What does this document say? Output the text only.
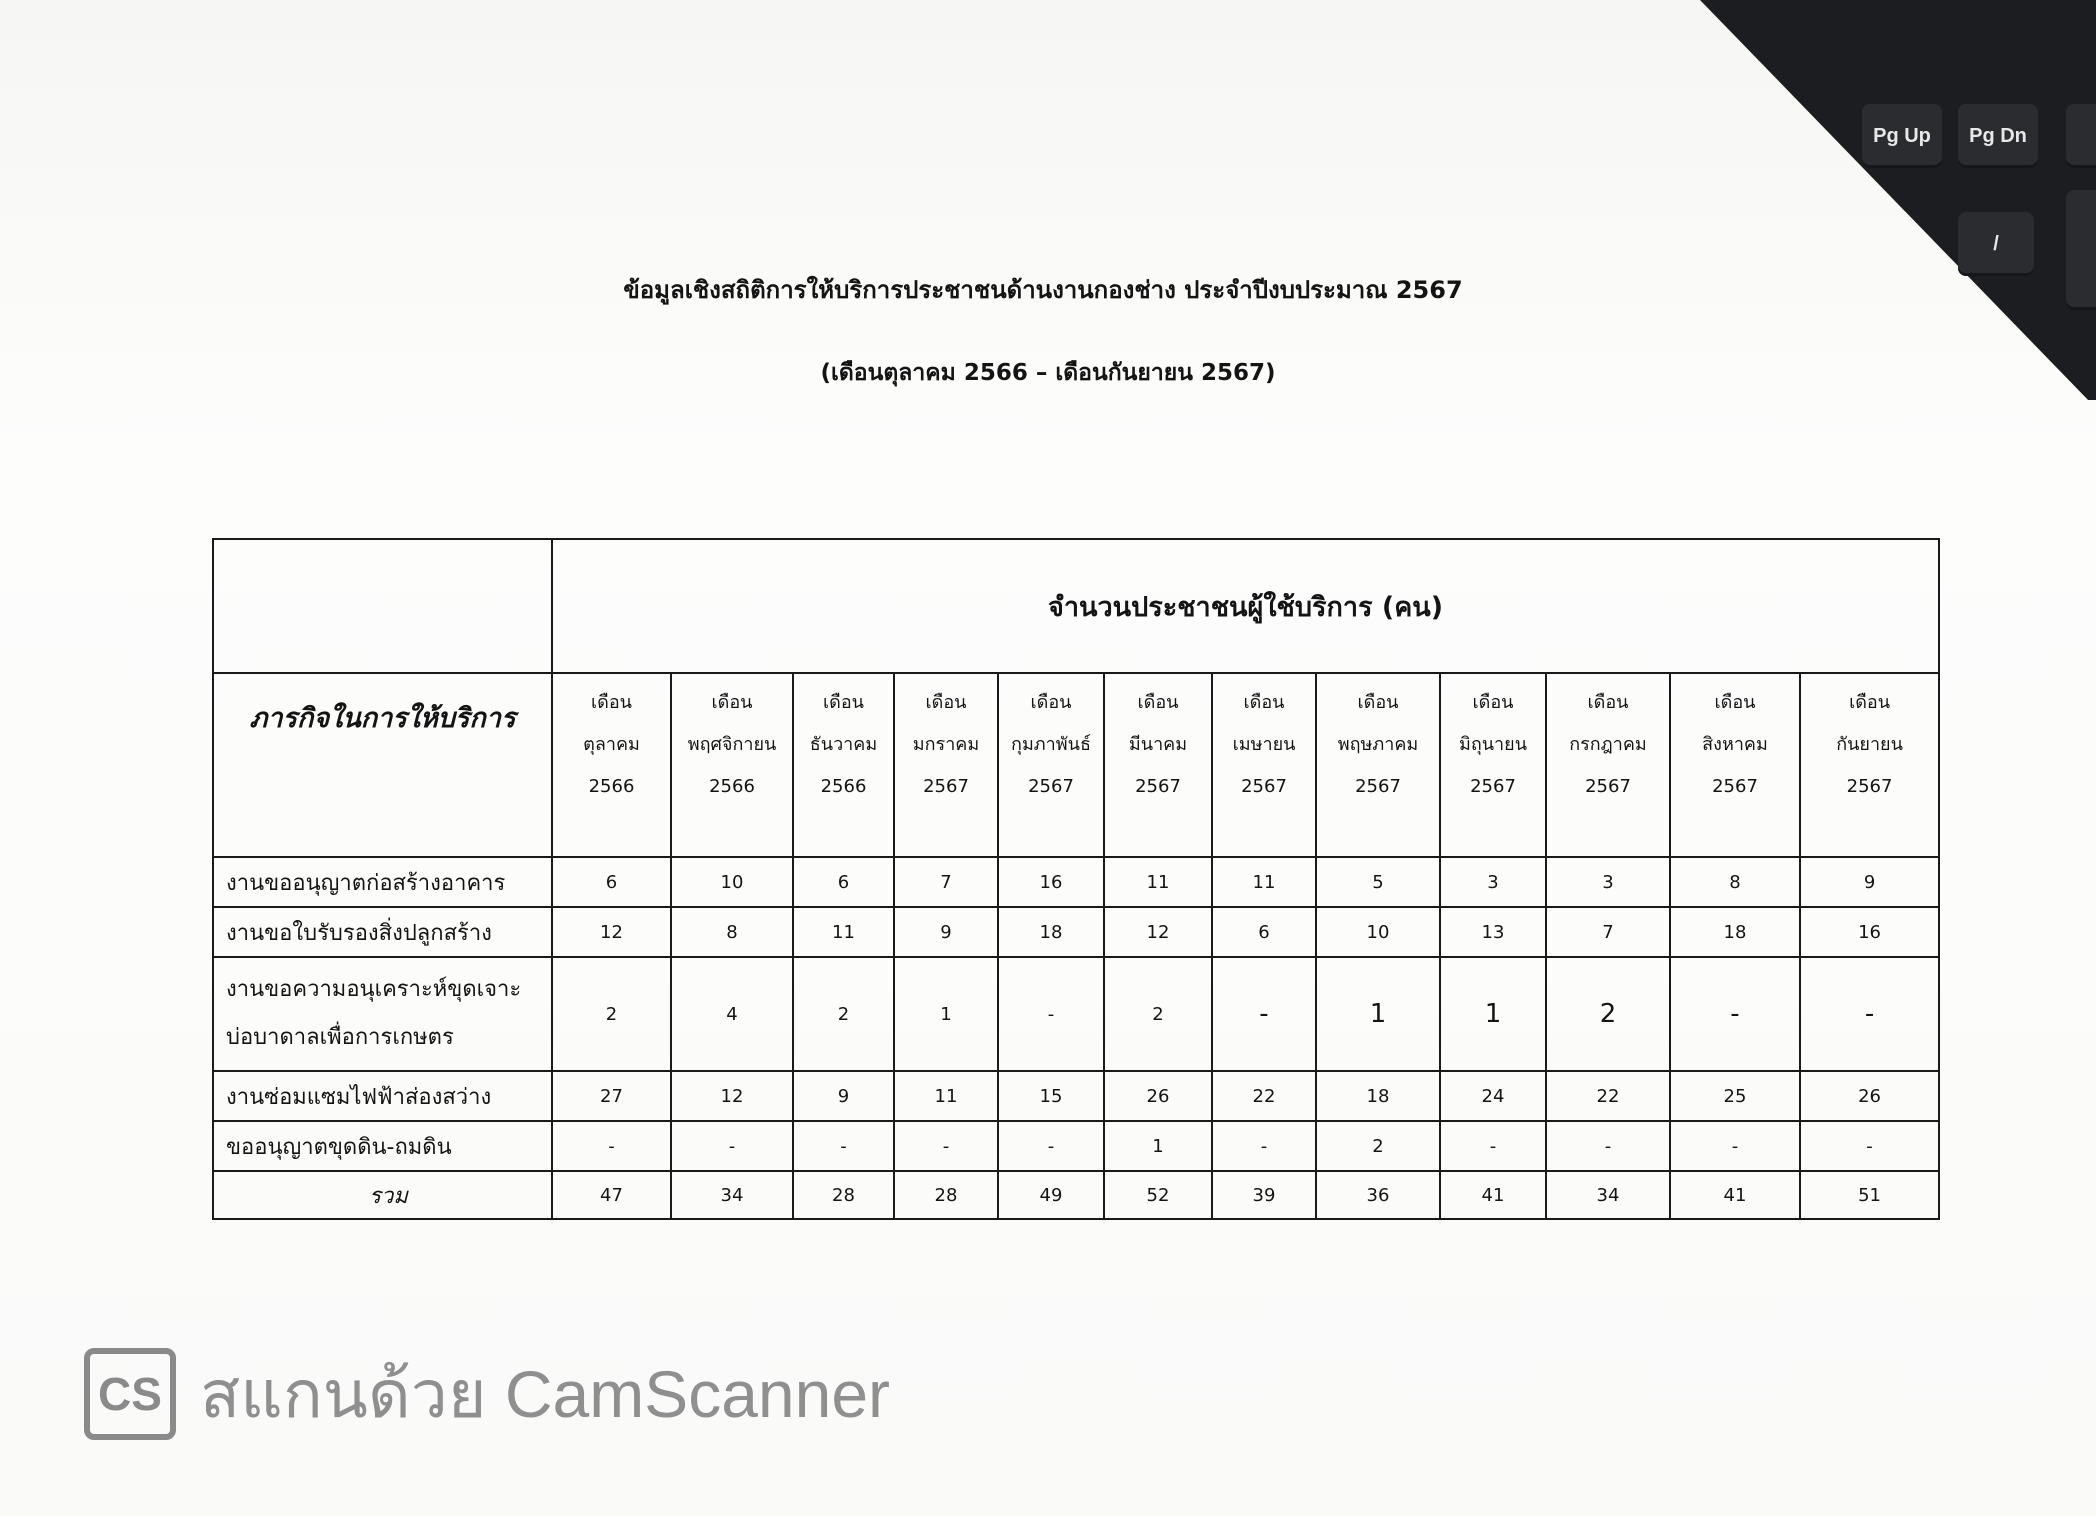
Pg Up	Pg Dn
/
ข้อมูลเชิงสถิติการให้บริการประชาชนด้านงานกองช่าง ประจำปีงบประมาณ 2567
(เดือนตุลาคม 2566 – เดือนกันยายน 2567)
	จำนวนประชาชนผู้ใช้บริการ (คน)											
ภารกิจในการให้บริการ	เดือน
ตุลาคม
2566	เดือน
พฤศจิกายน
2566	เดือน
ธันวาคม
2566	เดือน
มกราคม
2567	เดือน
กุมภาพันธ์
2567	เดือน
มีนาคม
2567	เดือน
เมษายน
2567	เดือน
พฤษภาคม
2567	เดือน
มิถุนายน
2567	เดือน
กรกฎาคม
2567	เดือน
สิงหาคม
2567	เดือน
กันยายน
2567

งานขออนุญาตก่อสร้างอาคาร	6	10	6	7	16	11	11	5	3	3	8	9
งานขอใบรับรองสิ่งปลูกสร้าง	12	8	11	9	18	12	6	10	13	7	18	16
งานขอความอนุเคราะห์ขุดเจาะ
บ่อบาดาลเพื่อการเกษตร	2	4	2	1	-	2	-	1	1	2	-	-
งานซ่อมแซมไฟฟ้าส่องสว่าง	27	12	9	11	15	26	22	18	24	22	25	26
ขออนุญาตขุดดิน-ถมดิน	-	-	-	-	-	1	-	2	-	-	-	-
รวม	47	34	28	28	49	52	39	36	41	34	41	51
CS สแกนด้วย CamScanner
